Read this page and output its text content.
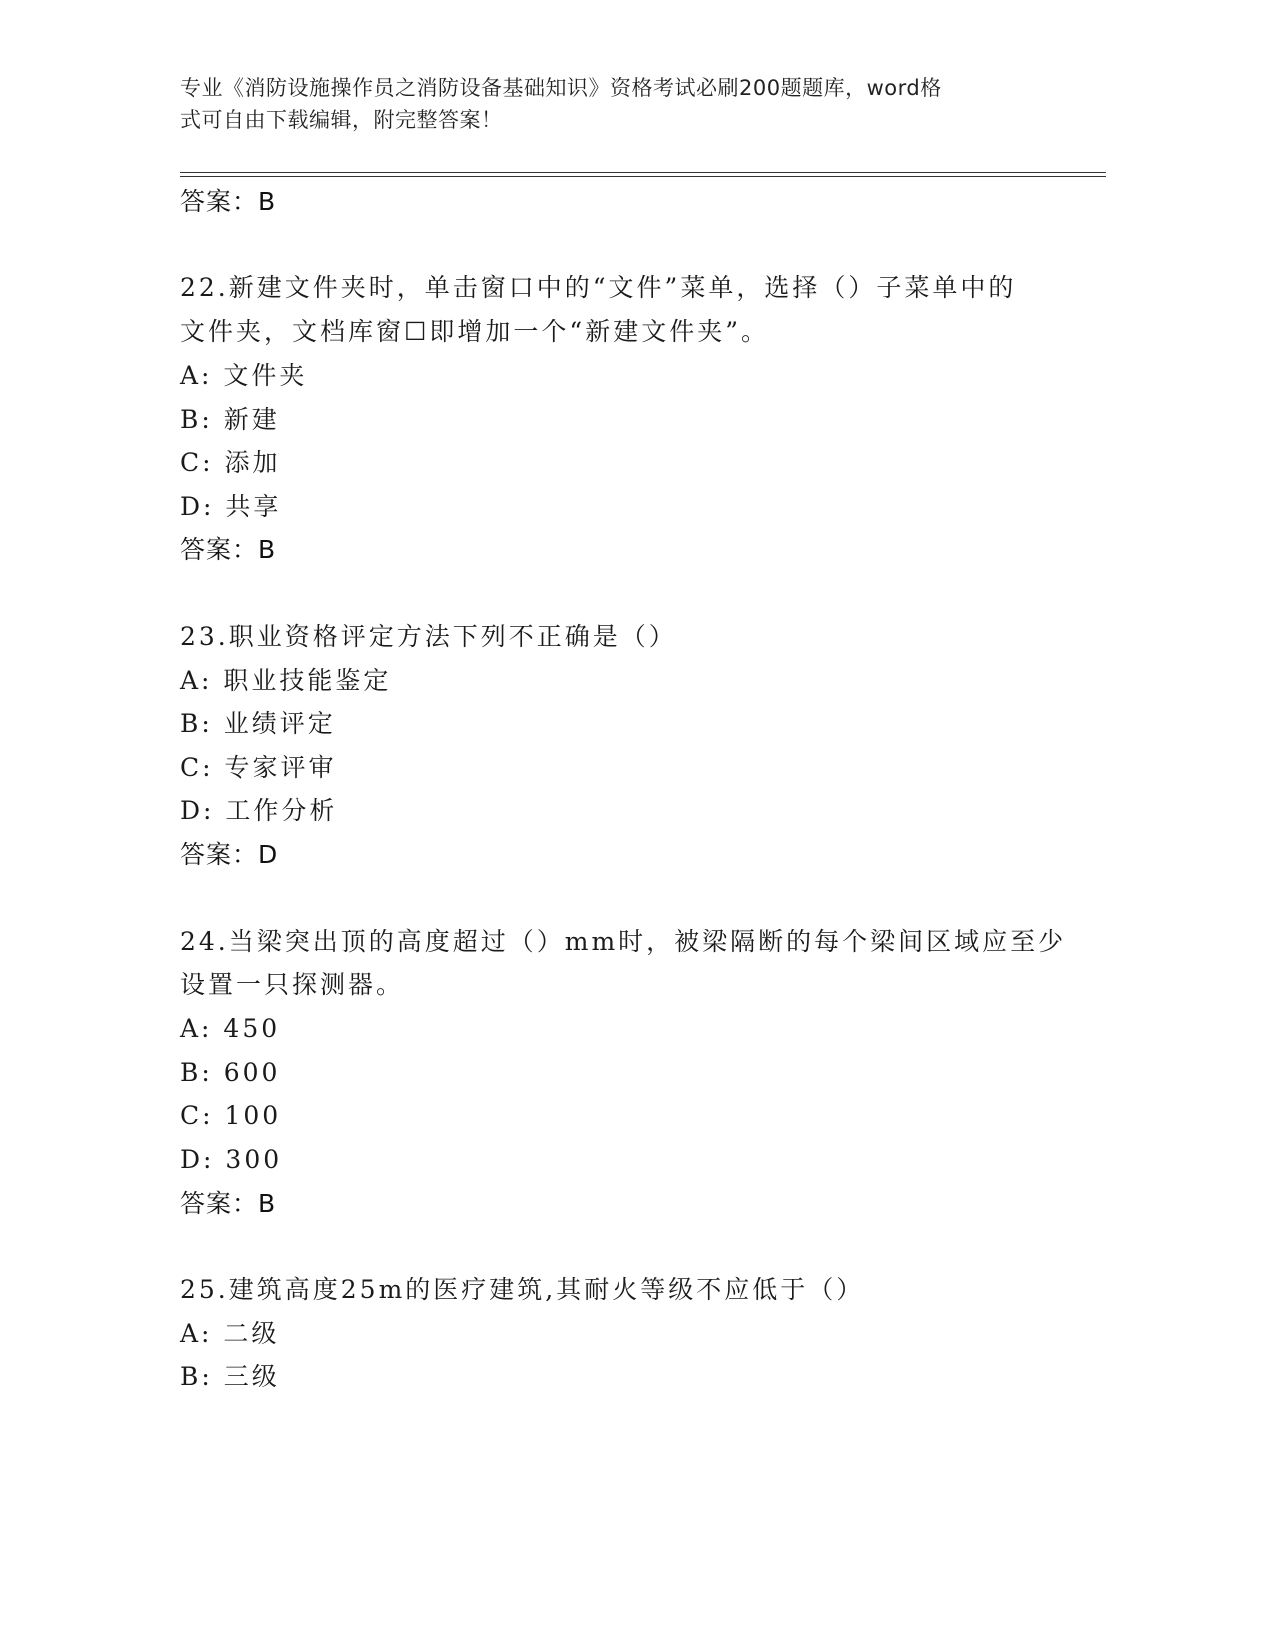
专业《消防设施操作员之消防设备基础知识》资格考试必刷200题题库，word格
式可自由下载编辑，附完整答案！
答案：B
22.新建文件夹时，单击窗口中的“文件”菜单，选择（）子菜单中的
文件夹，文档库窗☐即增加一个“新建文件夹”。
A: 文件夹
B: 新建
C: 添加
D: 共享
答案：B
23.职业资格评定方法下列不正确是（）
A: 职业技能鉴定
B: 业绩评定
C: 专家评审
D: 工作分析
答案：D
24.当梁突出顶的高度超过（）mm时，被梁隔断的每个梁间区域应至少
设置一只探测器。
A: 450
B: 600
C: 100
D: 300
答案：B
25.建筑高度25m的医疗建筑,其耐火等级不应低于（）
A: 二级
B: 三级
